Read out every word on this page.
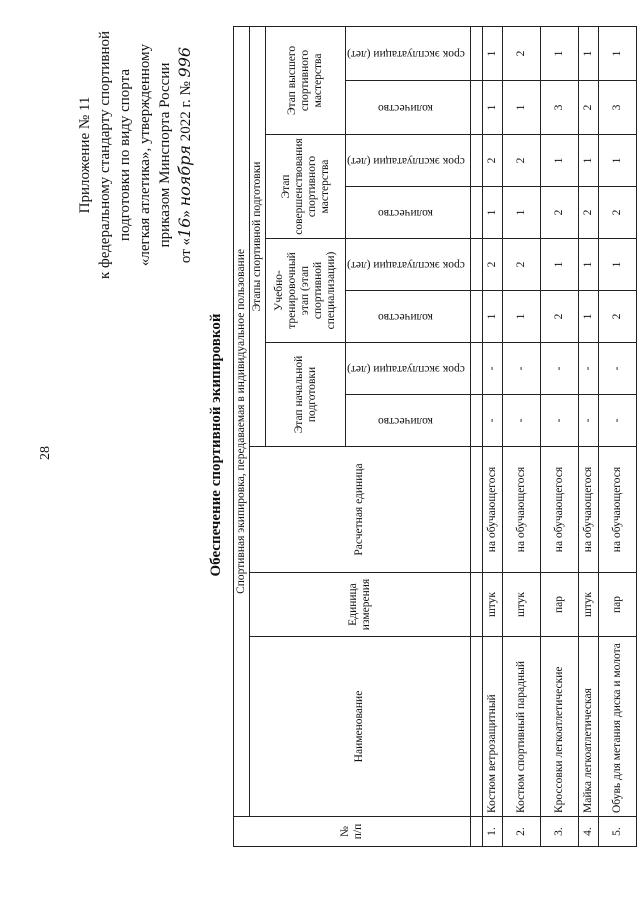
28
Приложение № 11 к федеральному стандарту спортивной подготовки по виду спорта «легкая атлетика», утвержденному приказом Минспорта России
от «16» ноября 2022 г. № 996
Обеспечение спортивной экипировкой
№ п/п	Спортивная экипировка, передаваемая в индивидуальное пользование										
	Наименование	Единица измерения	Расчетная единица	Этапы спортивной подготовки							
				Этап начальной подготовки		Учебно-тренировочный этап (этап спортивной специализации)		Этап совершенствования спортивного мастерства		Этап высшего спортивного мастерства	
				количество	срок эксплуатации (лет)	количество	срок эксплуатации (лет)	количество	срок эксплуатации (лет)	количество	срок эксплуатации (лет)

1.	Костюм ветрозащитный	штук	на обучающегося	-	-	1	2	1	2	1	1
2.	Костюм спортивный парадный	штук	на обучающегося	-	-	1	2	1	2	1	2
3.	Кроссовки легкоатлетические	пар	на обучающегося	-	-	2	1	2	1	3	1
4.	Майка легкоатлетическая	штук	на обучающегося	-	-	1	1	2	1	2	1
5.	Обувь для метания диска и молота	пар	на обучающегося	-	-	2	1	2	1	3	1
